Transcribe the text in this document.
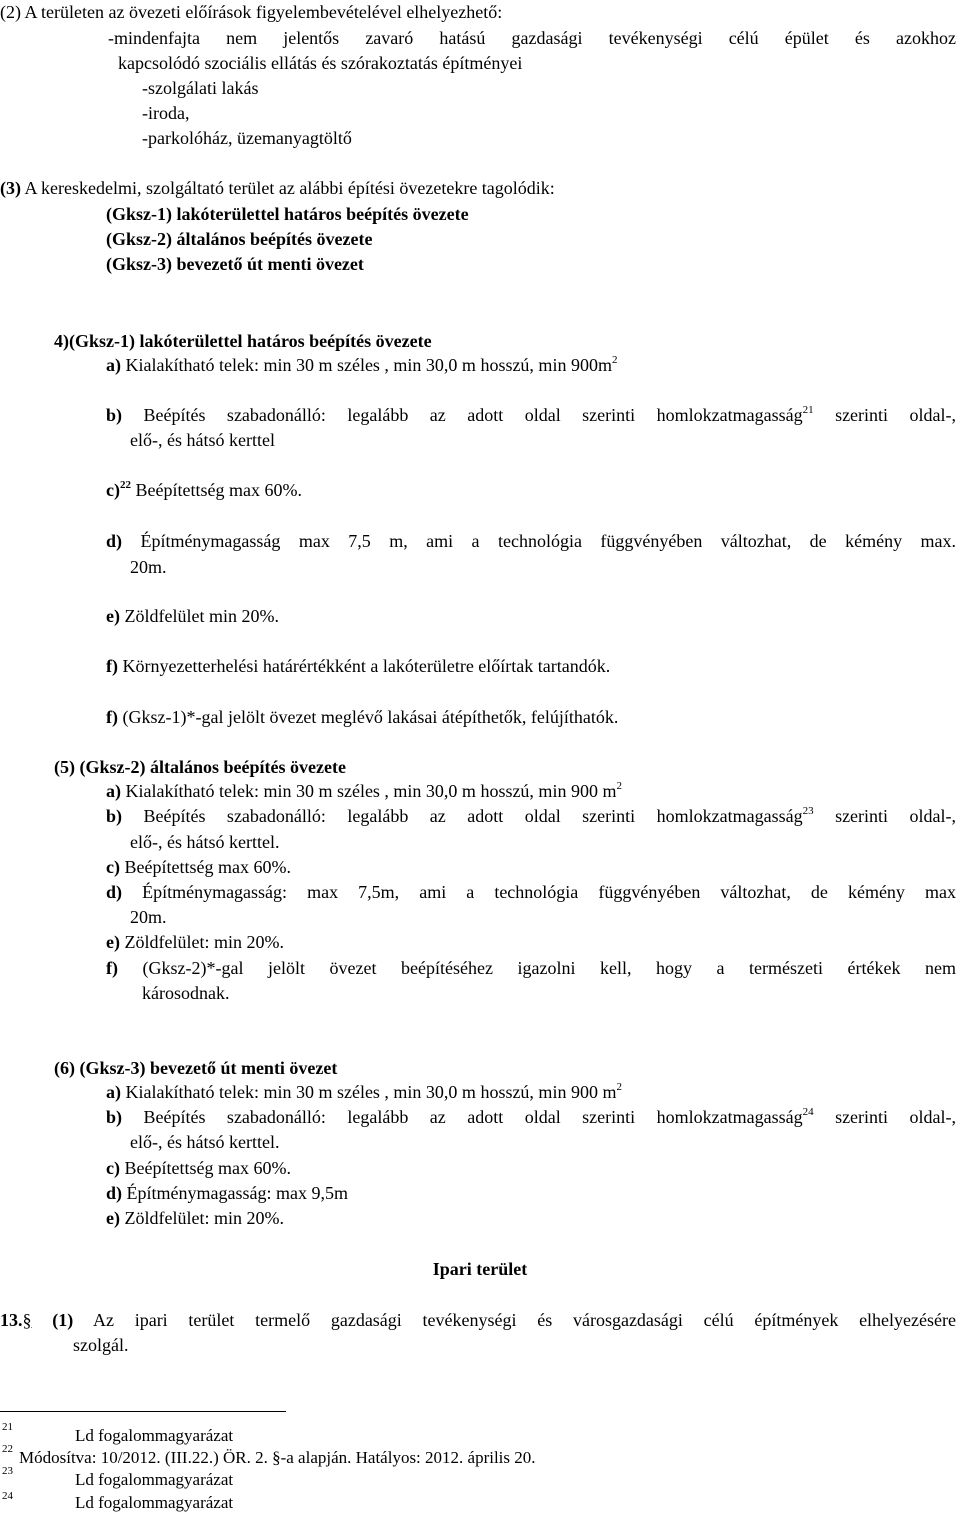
(2) A területen az övezeti előírások figyelembevételével elhelyezhető:
-mindenfajta nem jelentős zavaró hatású gazdasági tevékenységi célú épület és azokhoz
kapcsolódó szociális ellátás és szórakoztatás építményei
-szolgálati lakás
-iroda,
-parkolóház, üzemanyagtöltő
(3) A kereskedelmi, szolgáltató terület az alábbi építési övezetekre tagolódik:
(Gksz-1) lakóterülettel határos beépítés övezete
(Gksz-2) általános beépítés övezete
(Gksz-3) bevezető út menti övezet
4)(Gksz-1) lakóterülettel határos beépítés övezete
a) Kialakítható telek: min 30 m széles , min 30,0 m hosszú, $\min 900m^2$
b) Beépítés szabadonálló: legalább az adott oldal szerinti homlokzatmagasság$^{21}$ szerinti oldal-,
elő-, és hátsó kerttel
c)$^{22}$ Beépítettség max 60%.
d) Építménymagasság max 7,5 m, ami a technológia függvényében változhat, de kémény max.
20m.
e) Zöldfelület min 20%.
f) Környezetterhelési határértékként a lakóterületre előírtak tartandók.
f) (Gksz-1)*-gal jelölt övezet meglévő lakásai átépíthetők, felújíthatók.
(5) (Gksz-2) általános beépítés övezete
a) Kialakítható telek: min 30 m széles , min 30,0 m hosszú, min 900 $m^2$
b) Beépítés szabadonálló: legalább az adott oldal szerinti homlokzatmagasság$^{23}$ szerinti oldal-,
elő-, és hátsó kerttel.
c) Beépítettség max 60%.
d) Építménymagasság: max 7,5m, ami a technológia függvényében változhat, de kémény max
20m.
e) Zöldfelület: min 20%.
f) (Gksz-2)*-gal jelölt övezet beépítéséhez igazolni kell, hogy a természeti értékek nem
károsodnak.
(6) (Gksz-3) bevezető út menti övezet
a) Kialakítható telek: min 30 m széles , min 30,0 m hosszú, min 900 $m^2$
b) Beépítés szabadonálló: legalább az adott oldal szerinti homlokzatmagasság$^{24}$ szerinti oldal-,
elő-, és hátsó kerttel.
c) Beépítettség max 60%.
d) Építménymagasság: max 9,5m
e) Zöldfelület: min 20%.
Ipari terület
13.§ (1) Az ipari terület termelő gazdasági tevékenységi és városgazdasági célú építmények elhelyezésére
szolgál.
21	Ld fogalommagyarázat
22 Módosítva: 10/2012. (III.22.) ÖR. 2. §-a alapján. Hatályos: 2012. április 20.
23	Ld fogalommagyarázat
24	Ld fogalommagyarázat
